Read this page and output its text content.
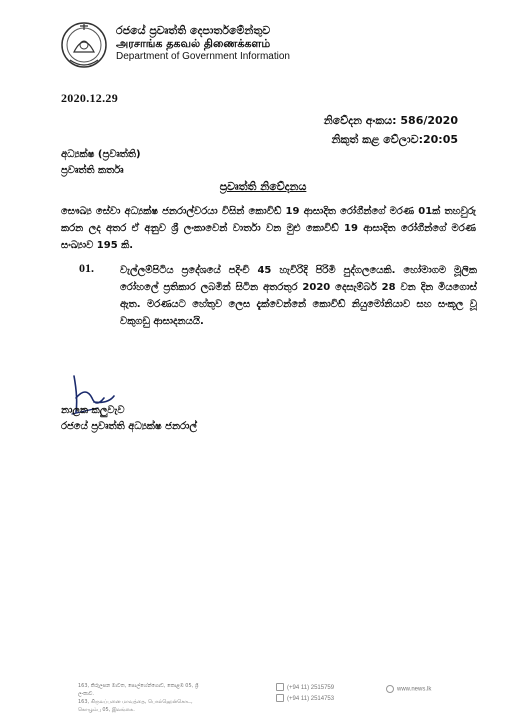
රජයේ ප්‍රවෘත්ති දෙපාර්තමේන්තුව
அரசாங்க தகவல் திணைக்களம்
Department of Government Information
2020.12.29
නිවේදන අංකය: 586/2020
නිකුත් කළ වේලාව:20:05
අධ්‍යක්ෂ (ප්‍රවෘත්ති)
ප්‍රවෘත්ති කර්තෘ
ප්‍රවෘත්ති නිවේදනය
සෞඛ්‍ය සේවා අධ්‍යක්ෂ ජනරාල්වරයා විසින් කොවිඩ් 19 ආසාදිත රෝගීන්ගේ මරණ 01ක් තහවුරු කරන ලද අතර ඒ අනුව ශ්‍රී ලංකාවෙන් වාර්තා වන මුළු කොවිඩ් 19 ආසාදිත රෝගීන්ගේ මරණ සංඛ්‍යාව 195 කි.
01.	වැල්ලම්පිටිය ප්‍රදේශයේ පදිංචි 45 හැවිරිදි පිරිමි පුද්ගලයෙකි. හෝමාගම මූලික රෝහලේ ප්‍රතිකාර ලබමින් සිටින අතරතුර 2020 දෙසැම්බර් 28 වන දින මියගොස් ඇත. මරණයට හේතුව ලෙස දැක්වෙන්නේ කොවිඩ් නියුමෝනියාව සහ සංකූල වූ වකුගඩු ආසාදනයයි.
නාලක කලුවැව
රජයේ ප්‍රවෘත්ති අධ්‍යක්ෂ ජනරාල්
163, කිරුලපන මාවත, පොල්හේන්ගොඩ, කොළඹ 05, ශ්‍රී ලංකාව.
163, கிருலப்பனை மாவத்தை, பொல்ஹென்கொட, கொழும்பு 05, இலங்கை.
(+94 11) 2515759
(+94 11) 2514753
www.news.lk
